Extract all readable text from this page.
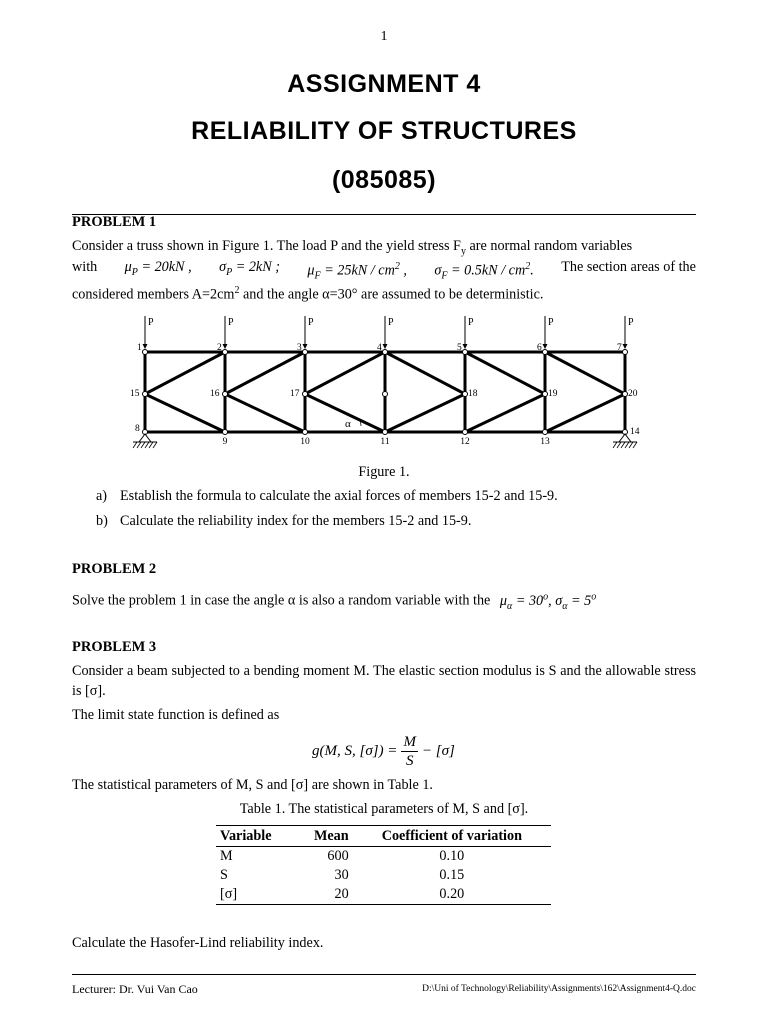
1
ASSIGNMENT 4
RELIABILITY OF STRUCTURES
(085085)
PROBLEM 1
Consider a truss shown in Figure 1. The load P and the yield stress $F_y$ are normal random variables
with $\mu_P = 20kN$ , $\sigma_P = 2kN$ ; $\mu_F = 25kN / cm^2$ , $\sigma_F = 0.5kN / cm^2$. The section areas of the
considered members $A=2cm^2$ and the angle α=30° are assumed to be deterministic.
P	P	P	P	P	P	P
1	2	3	4	5	6	7
15	16	17	18	19	20
8
9	10	11	12	13
14
α
Figure 1.
a) Establish the formula to calculate the axial forces of members 15-2 and 15-9.
b) Calculate the reliability index for the members 15-2 and 15-9.
PROBLEM 2
Solve the problem 1 in case the angle α is also a random variable with the $\mu_\alpha = 30^o$, $\sigma_\alpha = 5^o$
PROBLEM 3
Consider a beam subjected to a bending moment M. The elastic section modulus is S and the allowable stress is [σ].
The limit state function is defined as
g(M, S, $[\sigma]) = \frac{M}{S} - [\sigma]$
The statistical parameters of M, S and [σ] are shown in Table 1.
Table 1. The statistical parameters of M, S and [σ].
Variable	Mean	Coefficient of variation
M	600	0.10
S	30	0.15
[σ]	20	0.20
Calculate the Hasofer-Lind reliability index.
Lecturer: Dr. Vui Van Cao	D:\Uni of Technology\Reliability\Assignments\162\Assignment4-Q.doc
